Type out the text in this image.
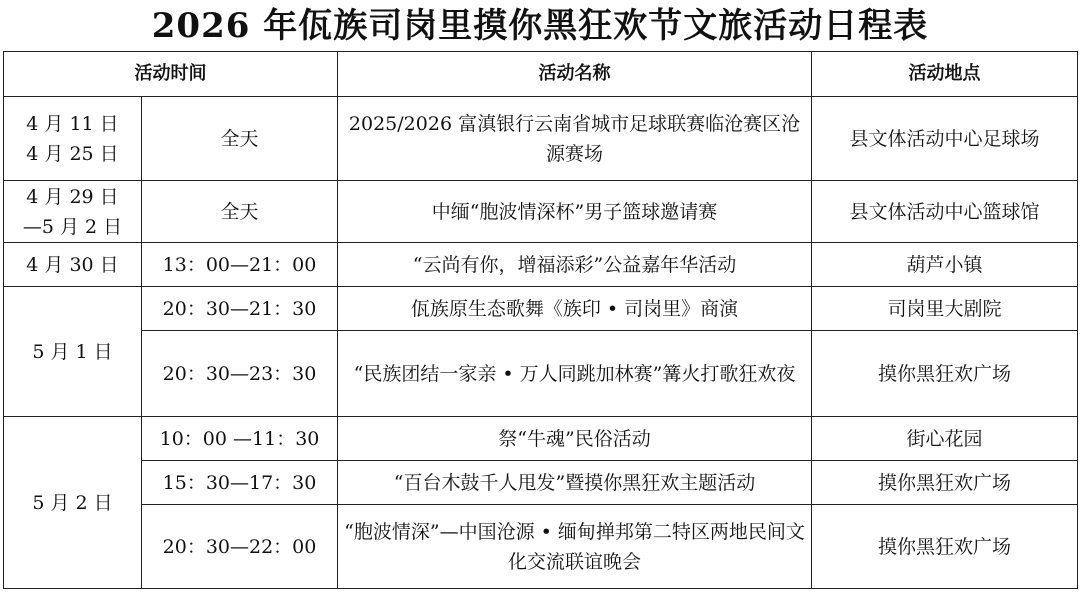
2026 年佤族司岗里摸你黑狂欢节文旅活动日程表
活动时间		活动名称	活动地点

4 月 11 日
4 月 25 日	全天	2025/2026 富滇银行云南省城市足球联赛临沧赛区沧源赛场	县文体活动中心足球场

4 月 29 日
—5 月 2 日	全天	中缅“胞波情深杯”男子篮球邀请赛	县文体活动中心篮球馆

4 月 30 日	13：00—21：00	“云尚有你，增福添彩”公益嘉年华活动	葫芦小镇

5 月 1 日	20：30—21：30	佤族原生态歌舞《族印 • 司岗里》商演	司岗里大剧院
	20：30—23：30	“民族团结一家亲 • 万人同跳加林赛”篝火打歌狂欢夜	摸你黑狂欢广场

5 月 2 日	10：00 —11：30	祭“牛魂”民俗活动	街心花园
	15：30—17：30	“百台木鼓千人甩发”暨摸你黑狂欢主题活动	摸你黑狂欢广场
	20：30—22：00	“胞波情深”—中国沧源 • 缅甸掸邦第二特区两地民间文化交流联谊晚会	摸你黑狂欢广场
